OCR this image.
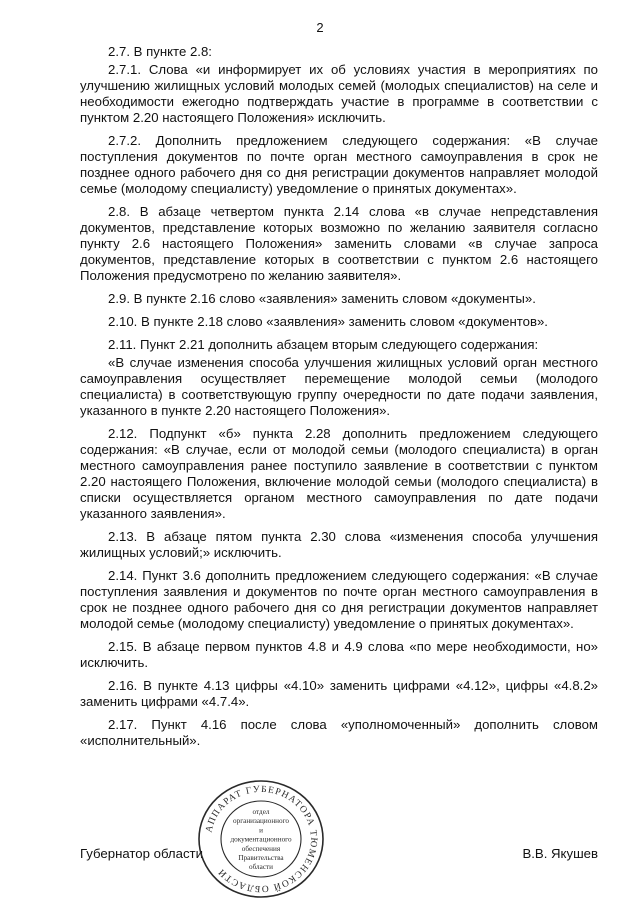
2

2.7. В пункте 2.8:

2.7.1. Слова «и информирует их об условиях участия в мероприятиях по улучшению жилищных условий молодых семей (молодых специалистов) на селе и необходимости ежегодно подтверждать участие в программе в соответствии с пунктом 2.20 настоящего Положения» исключить.

2.7.2. Дополнить предложением следующего содержания: «В случае поступления документов по почте орган местного самоуправления в срок не позднее одного рабочего дня со дня регистрации документов направляет молодой семье (молодому специалисту) уведомление о принятых документах».

2.8. В абзаце четвертом пункта 2.14 слова «в случае непредставления документов, представление которых возможно по желанию заявителя согласно пункту 2.6 настоящего Положения» заменить словами «в случае запроса документов, представление которых в соответствии с пунктом 2.6 настоящего Положения предусмотрено по желанию заявителя».

2.9. В пункте 2.16 слово «заявления» заменить словом «документы».

2.10. В пункте 2.18 слово «заявления» заменить словом «документов».

2.11. Пункт 2.21 дополнить абзацем вторым следующего содержания:

«В случае изменения способа улучшения жилищных условий орган местного самоуправления осуществляет перемещение молодой семьи (молодого специалиста) в соответствующую группу очередности по дате подачи заявления, указанного в пункте 2.20 настоящего Положения».

2.12. Подпункт «б» пункта 2.28 дополнить предложением следующего содержания: «В случае, если от молодой семьи (молодого специалиста) в орган местного самоуправления ранее поступило заявление в соответствии с пунктом 2.20 настоящего Положения, включение молодой семьи (молодого специалиста) в списки осуществляется органом местного самоуправления по дате подачи указанного заявления».

2.13. В абзаце пятом пункта 2.30 слова «изменения способа улучшения жилищных условий;» исключить.

2.14. Пункт 3.6 дополнить предложением следующего содержания: «В случае поступления заявления и документов по почте орган местного самоуправления в срок не позднее одного рабочего дня со дня регистрации документов направляет молодой семье (молодому специалисту) уведомление о принятых документах».

2.15. В абзаце первом пунктов 4.8 и 4.9 слова «по мере необходимости, но» исключить.

2.16. В пункте 4.13 цифры «4.10» заменить цифрами «4.12», цифры «4.8.2» заменить цифрами «4.7.4».

2.17. Пункт 4.16 после слова «уполномоченный» дополнить словом «исполнительный».

Губернатор области	В.В. Якушев
АППАРАТ ГУБЕРНАТОРА ТЮМЕНСКОЙ ОБЛАСТИ
отдел
организационного
и
документационного
обеспечения
Правительства
области
